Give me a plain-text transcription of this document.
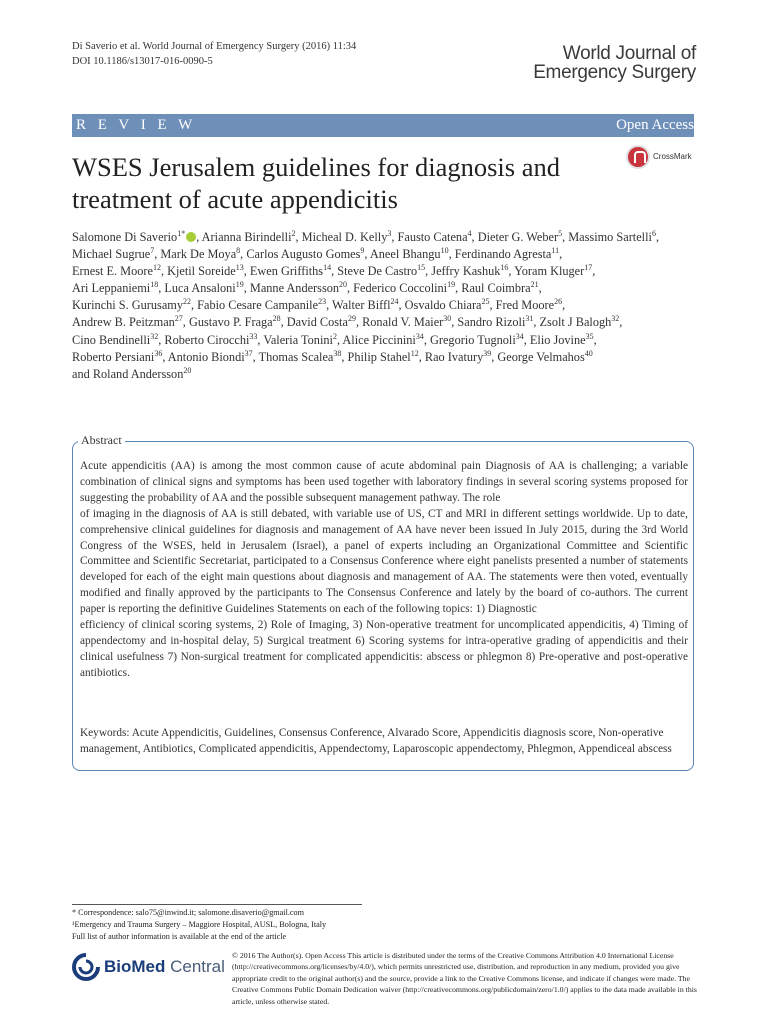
Di Saverio et al. World Journal of Emergency Surgery (2016) 11:34
DOI 10.1186/s13017-016-0090-5	World Journal of
Emergency Surgery
R E V I E W	Open Access
WSES Jerusalem guidelines for diagnosis and treatment of acute appendicitis
CrossMark
Salomone Di Saverio$^{1*}$ , Arianna Birindelli$^2$, Micheal D. Kelly$^3$, Fausto Catena$^4$, Dieter G. Weber$^5$, Massimo Sartelli$^6$,
Michael Sugrue$^7$, Mark De Moya$^8$, Carlos Augusto Gomes$^9$, Aneel Bhangu$^{10}$, Ferdinando Agresta$^{11}$,
Ernest E. Moore$^{12}$, Kjetil Soreide$^{13}$, Ewen Griffiths$^{14}$, Steve De Castro$^{15}$, Jeffry Kashuk$^{16}$, Yoram Kluger$^{17}$,
Ari Leppaniemi$^{18}$, Luca Ansaloni$^{19}$, Manne Andersson$^{20}$, Federico Coccolini$^{19}$, Raul Coimbra$^{21}$,
Kurinchi S. Gurusamy$^{22}$, Fabio Cesare Campanile$^{23}$, Walter Biffl$^{24}$, Osvaldo Chiara$^{25}$, Fred Moore$^{26}$,
Andrew B. Peitzman$^{27}$, Gustavo P. Fraga$^{28}$, David Costa$^{29}$, Ronald V. Maier$^{30}$, Sandro Rizoli$^{31}$, Zsolt J Balogh$^{32}$,
Cino Bendinelli$^{32}$, Roberto Cirocchi$^{33}$, Valeria Tonini$^2$, Alice Piccinini$^{34}$, Gregorio Tugnoli$^{34}$, Elio Jovine$^{35}$,
Roberto Persiani$^{36}$, Antonio Biondi$^{37}$, Thomas Scalea$^{38}$, Philip Stahel$^{12}$, Rao Ivatury$^{39}$, George Velmahos$^{40}$
and Roland Andersson$^{20}$
Abstract

Acute appendicitis (AA) is among the most common cause of acute abdominal pain Diagnosis of AA is challenging; a variable combination of clinical signs and symptoms has been used together with laboratory findings in several scoring systems proposed for suggesting the probability of AA and the possible subsequent management pathway. The role

of imaging in the diagnosis of AA is still debated, with variable use of US, CT and MRI in different settings worldwide. Up to date, comprehensive clinical guidelines for diagnosis and management of AA have never been issued In July 2015, during the 3rd World Congress of the WSES, held in Jerusalem (Israel), a panel of experts including an Organizational Committee and Scientific Committee and Scientific Secretariat, participated to a Consensus Conference where eight panelists presented a number of statements developed for each of the eight main questions about diagnosis and management of AA. The statements were then voted, eventually modified and finally approved by the participants to The Consensus Conference and lately by the board of co-authors. The current paper is reporting the definitive Guidelines Statements on each of the following topics: 1) Diagnostic

efficiency of clinical scoring systems, 2) Role of Imaging, 3) Non-operative treatment for uncomplicated appendicitis, 4) Timing of appendectomy and in-hospital delay, 5) Surgical treatment 6) Scoring systems for intra-operative grading of appendicitis and their clinical usefulness 7) Non-surgical treatment for complicated appendicitis: abscess or phlegmon 8) Pre-operative and post-operative antibiotics.

Keywords: Acute Appendicitis, Guidelines, Consensus Conference, Alvarado Score, Appendicitis diagnosis score, Non-operative management, Antibiotics, Complicated appendicitis, Appendectomy, Laparoscopic appendectomy, Phlegmon, Appendiceal abscess
* Correspondence: salo75@inwind.it; salomone.disaverio@gmail.com
¹Emergency and Trauma Surgery – Maggiore Hospital, AUSL, Bologna, Italy
Full list of author information is available at the end of the article
BioMed Central
© 2016 The Author(s). Open Access This article is distributed under the terms of the Creative Commons Attribution 4.0 International License (http://creativecommons.org/licenses/by/4.0/), which permits unrestricted use, distribution, and reproduction in any medium, provided you give appropriate credit to the original author(s) and the source, provide a link to the Creative Commons license, and indicate if changes were made. The Creative Commons Public Domain Dedication waiver (http://creativecommons.org/publicdomain/zero/1.0/) applies to the data made available in this article, unless otherwise stated.
